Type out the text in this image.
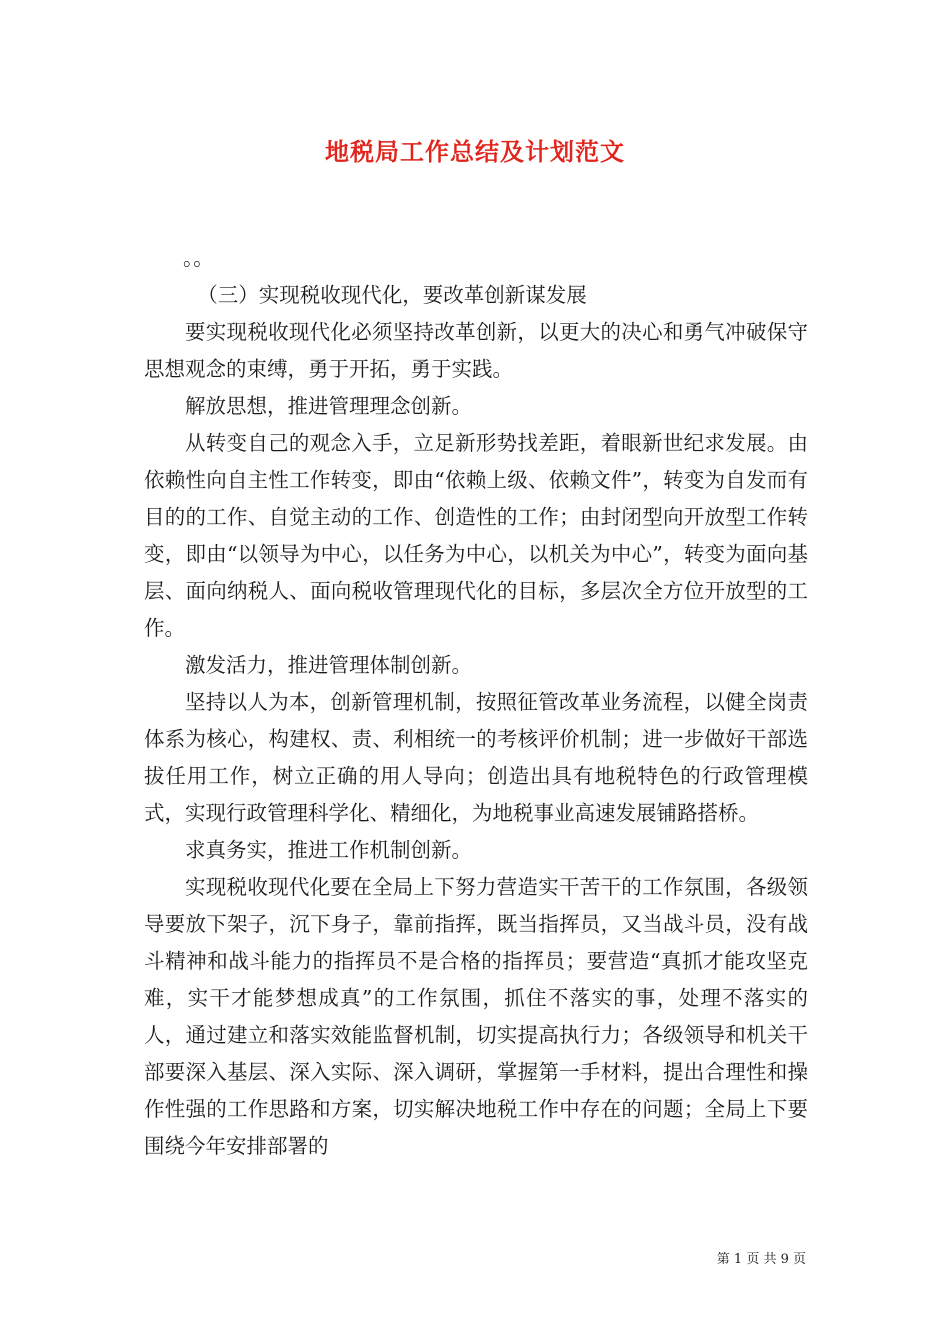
地税局工作总结及计划范文

。。

（三）实现税收现代化，要改革创新谋发展

要实现税收现代化必须坚持改革创新，以更大的决心和勇气冲破保守思想观念的束缚，勇于开拓，勇于实践。

解放思想，推进管理理念创新。

从转变自己的观念入手，立足新形势找差距，着眼新世纪求发展。由依赖性向自主性工作转变，即由“依赖上级、依赖文件”，转变为自发而有目的的工作、自觉主动的工作、创造性的工作；由封闭型向开放型工作转变，即由“以领导为中心，以任务为中心，以机关为中心”，转变为面向基层、面向纳税人、面向税收管理现代化的目标，多层次全方位开放型的工作。

激发活力，推进管理体制创新。

坚持以人为本，创新管理机制，按照征管改革业务流程，以健全岗责体系为核心，构建权、责、利相统一的考核评价机制；进一步做好干部选拔任用工作，树立正确的用人导向；创造出具有地税特色的行政管理模式，实现行政管理科学化、精细化，为地税事业高速发展铺路搭桥。

求真务实，推进工作机制创新。

实现税收现代化要在全局上下努力营造实干苦干的工作氛围，各级领导要放下架子，沉下身子，靠前指挥，既当指挥员，又当战斗员，没有战斗精神和战斗能力的指挥员不是合格的指挥员；要营造“真抓才能攻坚克难，实干才能梦想成真”的工作氛围，抓住不落实的事，处理不落实的人，通过建立和落实效能监督机制，切实提高执行力；各级领导和机关干部要深入基层、深入实际、深入调研，掌握第一手材料，提出合理性和操作性强的工作思路和方案，切实解决地税工作中存在的问题；全局上下要围绕今年安排部署的

第 1 页 共 9 页
